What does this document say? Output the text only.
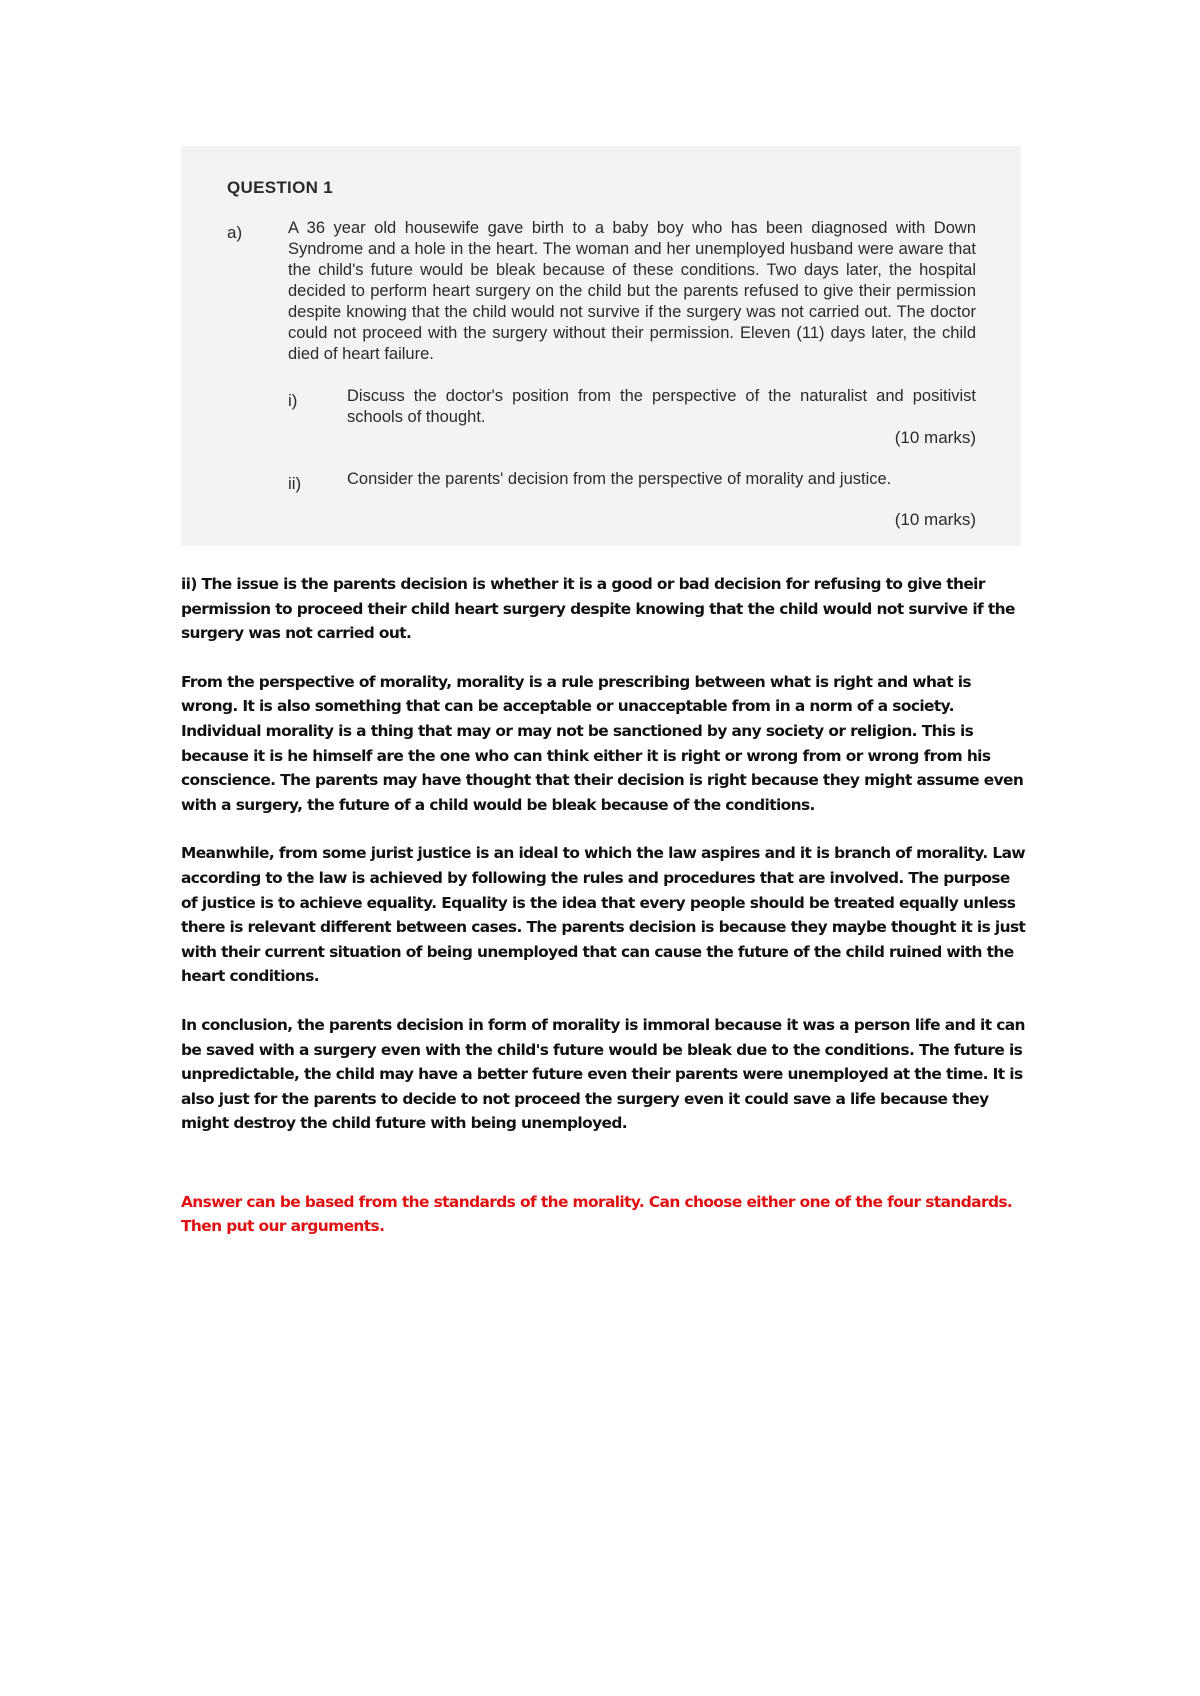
QUESTION 1
a)	A 36 year old housewife gave birth to a baby boy who has been diagnosed with Down Syndrome and a hole in the heart. The woman and her unemployed husband were aware that the child's future would be bleak because of these conditions. Two days later, the hospital decided to perform heart surgery on the child but the parents refused to give their permission despite knowing that the child would not survive if the surgery was not carried out. The doctor could not proceed with the surgery without their permission. Eleven (11) days later, the child died of heart failure.

i)	Discuss the doctor's position from the perspective of the naturalist and positivist schools of thought.

(10 marks)
ii)	Consider the parents' decision from the perspective of morality and justice.

(10 marks)

ii) The issue is the parents decision is whether it is a good or bad decision for refusing to give their permission to proceed their child heart surgery despite knowing that the child would not survive if the surgery was not carried out.

From the perspective of morality, morality is a rule prescribing between what is right and what is wrong. It is also something that can be acceptable or unacceptable from in a norm of a society. Individual morality is a thing that may or may not be sanctioned by any society or religion. This is because it is he himself are the one who can think either it is right or wrong from or wrong from his conscience. The parents may have thought that their decision is right because they might assume even with a surgery, the future of a child would be bleak because of the conditions.

Meanwhile, from some jurist justice is an ideal to which the law aspires and it is branch of morality. Law according to the law is achieved by following the rules and procedures that are involved. The purpose of justice is to achieve equality. Equality is the idea that every people should be treated equally unless there is relevant different between cases. The parents decision is because they maybe thought it is just with their current situation of being unemployed that can cause the future of the child ruined with the heart conditions.

In conclusion, the parents decision in form of morality is immoral because it was a person life and it can be saved with a surgery even with the child's future would be bleak due to the conditions. The future is unpredictable, the child may have a better future even their parents were unemployed at the time. It is also just for the parents to decide to not proceed the surgery even it could save a life because they might destroy the child future with being unemployed.

Answer can be based from the standards of the morality. Can choose either one of the four standards. Then put our arguments.
